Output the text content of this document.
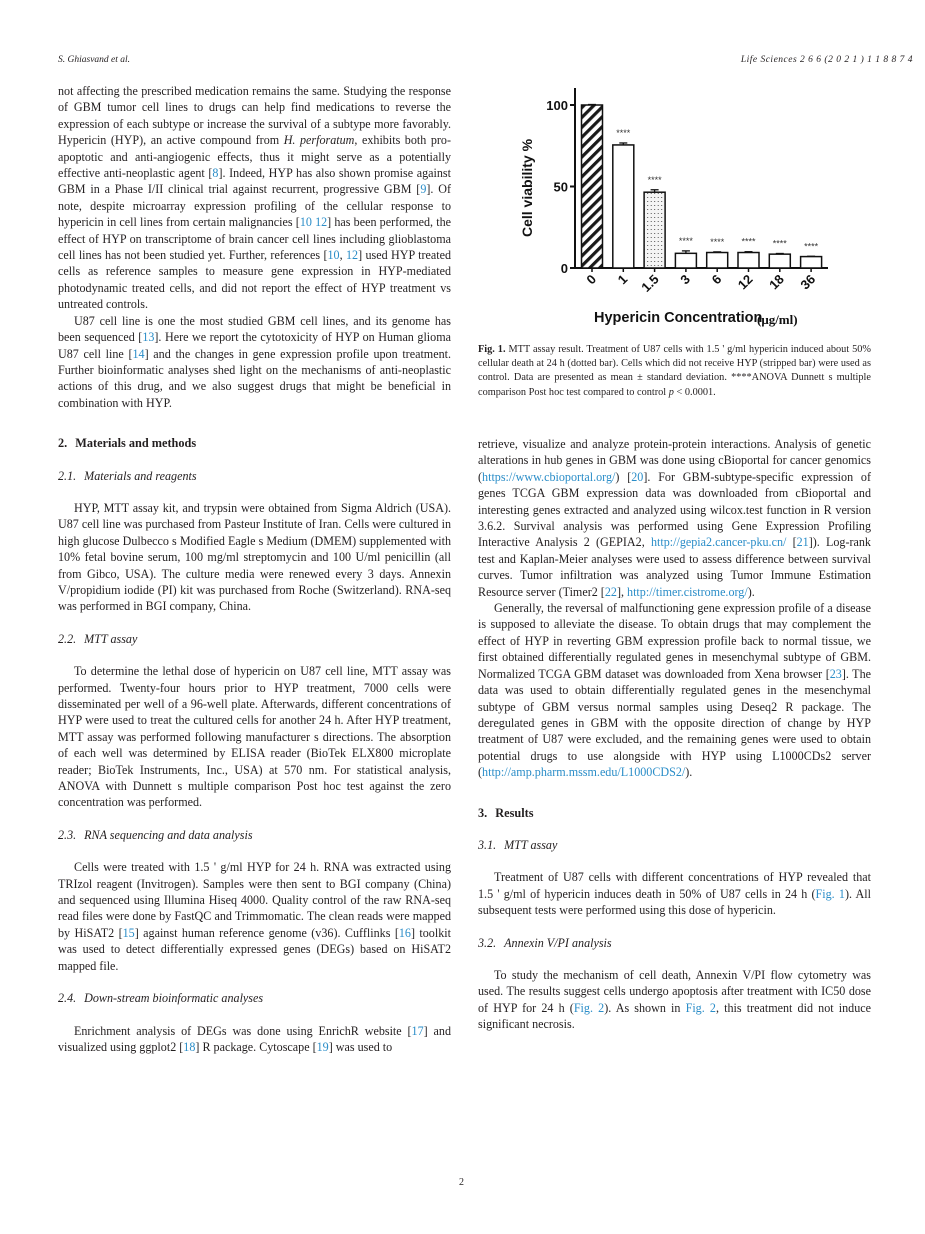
S. Ghiasvand et al.	Life Sciences 2 6 6 (2 0 2 1 ) 1 1 8 8 7 4

not affecting the prescribed medication remains the same. Studying the response of GBM tumor cell lines to drugs can help find medications to reverse the expression of each subtype or increase the survival of a subtype more favorably. Hypericin (HYP), an active compound from H. perforatum, exhibits both pro-apoptotic and anti-angiogenic effects, thus it might serve as a potentially effective anti-neoplastic agent [8]. Indeed, HYP has also shown promise against GBM in a Phase I/II clinical trial against recurrent, progressive GBM [9]. Of note, despite microarray expression profiling of the cellular response to hypericin in cell lines from certain malignancies [10 12] has been performed, the effect of HYP on transcriptome of brain cancer cell lines including glioblastoma cell lines has not been studied yet. Further, references [10, 12] used HYP treated cells as reference samples to measure gene expression in HYP-mediated photodynamic treated cells, and did not report the effect of HYP treatment vs untreated controls.

U87 cell line is one the most studied GBM cell lines, and its genome has been sequenced [13]. Here we report the cytotoxicity of HYP on Human glioma U87 cell line [14] and the changes in gene expression profile upon treatment. Further bioinformatic analyses shed light on the mechanisms of anti-neoplastic actions of this drug, and we also suggest drugs that might be beneficial in combination with HYP.

2. Materials and methods
2.1. Materials and reagents

HYP, MTT assay kit, and trypsin were obtained from Sigma Aldrich (USA). U87 cell line was purchased from Pasteur Institute of Iran. Cells were cultured in high glucose Dulbecco s Modified Eagle s Medium (DMEM) supplemented with 10% fetal bovine serum, 100 mg/ml streptomycin and 100 U/ml penicillin (all from Gibco, USA). The culture media were renewed every 3 days. Annexin V/propidium iodide (PI) kit was purchased from Roche (Switzerland). RNA-seq was performed in BGI company, China.

2.2. MTT assay

To determine the lethal dose of hypericin on U87 cell line, MTT assay was performed. Twenty-four hours prior to HYP treatment, 7000 cells were disseminated per well of a 96-well plate. Afterwards, different concentrations of HYP were used to treat the cultured cells for another 24 h. After HYP treatment, MTT assay was performed following manufacturer s directions. The absorption of each well was determined by ELISA reader (BioTek ELX800 microplate reader; BioTek Instruments, Inc., USA) at 570 nm. For statistical analysis, ANOVA with Dunnett s multiple comparison Post hoc test against the zero concentration was performed.

2.3. RNA sequencing and data analysis

Cells were treated with 1.5 ' g/ml HYP for 24 h. RNA was extracted using TRIzol reagent (Invitrogen). Samples were then sent to BGI company (China) and sequenced using Illumina Hiseq 4000. Quality control of the raw RNA-seq read files were done by FastQC and Trimmomatic. The clean reads were mapped by HiSAT2 [15] against human reference genome (v36). Cufflinks [16] toolkit was used to detect differentially expressed genes (DEGs) based on HiSAT2 mapped file.

2.4. Down-stream bioinformatic analyses

Enrichment analysis of DEGs was done using EnrichR website [17] and visualized using ggplot2 [18] R package. Cytoscape [19] was used to

0
50
100
0
****
1
****
1.5
****
3
****
6
****
12
****
18
****
36
Cell viability %
Hypericin Concentration
(μg/ml)
Fig. 1. MTT assay result. Treatment of U87 cells with 1.5 ' g/ml hypericin induced about 50% cellular death at 24 h (dotted bar). Cells which did not receive HYP (stripped bar) were used as control. Data are presented as mean ± standard deviation. ****ANOVA Dunnett s multiple comparison Post hoc test compared to control p < 0.0001.

retrieve, visualize and analyze protein-protein interactions. Analysis of genetic alterations in hub genes in GBM was done using cBioportal for cancer genomics (https://www.cbioportal.org/) [20]. For GBM-subtype-specific expression of genes TCGA GBM expression data was downloaded from cBioportal and interesting genes extracted and analyzed using wilcox.test function in R version 3.6.2. Survival analysis was performed using Gene Expression Profiling Interactive Analysis 2 (GEPIA2, http://gepia2.cancer-pku.cn/ [21]). Log-rank test and Kaplan-Meier analyses were used to assess difference between survival curves. Tumor infiltration was analyzed using Tumor Immune Estimation Resource server (Timer2 [22], http://timer.cistrome.org/).

Generally, the reversal of malfunctioning gene expression profile of a disease is supposed to alleviate the disease. To obtain drugs that may complement the effect of HYP in reverting GBM expression profile back to normal tissue, we first obtained differentially regulated genes in mesenchymal subtype of GBM. Normalized TCGA GBM dataset was downloaded from Xena browser [23]. The data was used to obtain differentially regulated genes in the mesenchymal subtype of GBM versus normal samples using Deseq2 R package. The deregulated genes in GBM with the opposite direction of change by HYP treatment of U87 were excluded, and the remaining genes were used to obtain potential drugs to use alongside with HYP using L1000CDs2 server (http://amp.pharm.mssm.edu/L1000CDS2/).

3. Results
3.1. MTT assay

Treatment of U87 cells with different concentrations of HYP revealed that 1.5 ' g/ml of hypericin induces death in 50% of U87 cells in 24 h (Fig. 1). All subsequent tests were performed using this dose of hypericin.

3.2. Annexin V/PI analysis

To study the mechanism of cell death, Annexin V/PI flow cytometry was used. The results suggest cells undergo apoptosis after treatment with IC50 dose of HYP for 24 h (Fig. 2). As shown in Fig. 2, this treatment did not induce significant necrosis.

2
